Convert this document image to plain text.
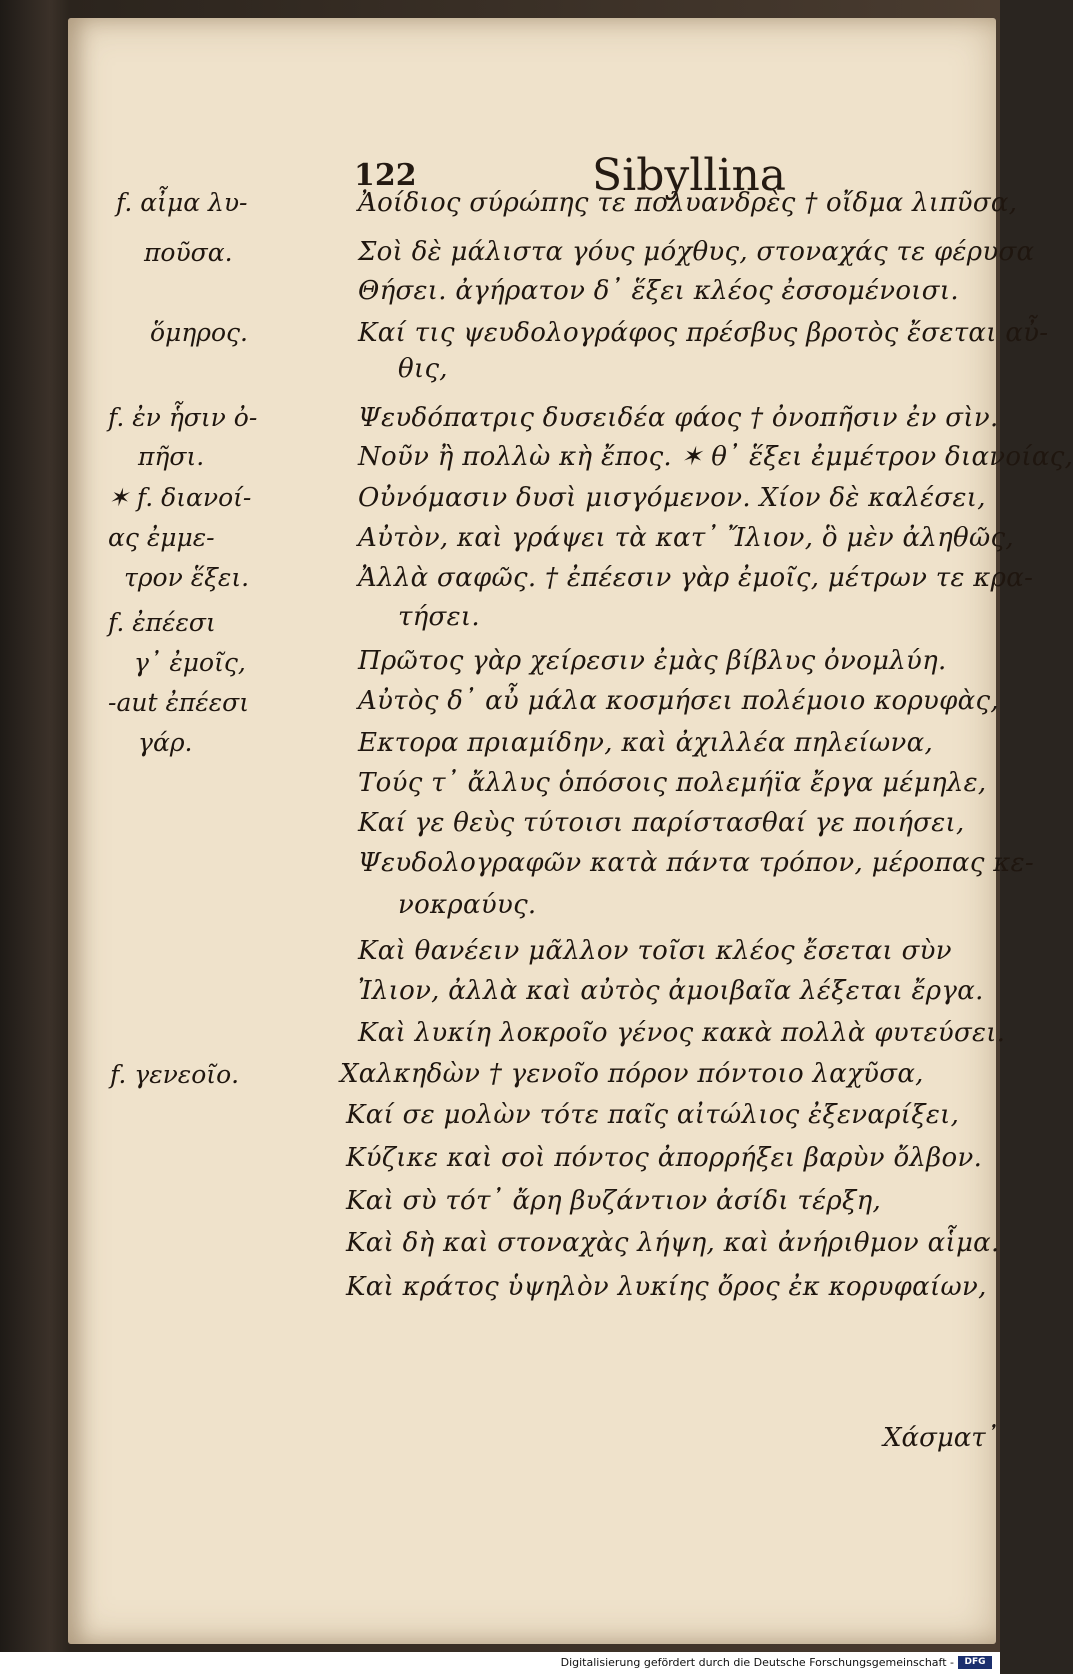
122	Sibyllina
Ἀοίδιος σύρώπης τε πολυανδρὲς † οἴδμα λιπῦσα,
Σοὶ δὲ μάλιστα γόυς μόχθυς, στοναχάς τε φέρυσα
Θήσει. ἀγήρατον δ᾽ ἕξει κλέος ἐσσομένοισι.
Καί τις ψευδολογράφος πρέσβυς βροτὸς ἔσεται αὖ-
θις,
Ψευδόπατρις δυσειδέα φάος † ὀνοπῆσιν ἐν σὶν.
Νοῦν ἢ πολλὼ κὴ ἔπος. ✶ θ᾽ ἕξει ἐμμέτρον διανοίας,
Οὐνόμασιν δυσὶ μισγόμενον. Χίον δὲ καλέσει,
Αὐτὸν, καὶ γράψει τὰ κατ᾽ Ἴλιον, ὃ μὲν ἀληθῶς,
Ἀλλὰ σαφῶς. † ἐπέεσιν γὰρ ἐμοῖς, μέτρων τε κρα-
τήσει.
Πρῶτος γὰρ χείρεσιν ἐμὰς βίβλυς ὀνομλύη.
Αὐτὸς δ᾽ αὖ μάλα κοσμήσει πολέμοιο κορυφὰς,
Εκτορα πριαμίδην, καὶ ἀχιλλέα πηλείωνα,
Τούς τ᾽ ἄλλυς ὁπόσοις πολεμήϊα ἔργα μέμηλε,
Καί γε θεὺς τύτοισι παρίστασθαί γε ποιήσει,
Ψευδολογραφῶν κατὰ πάντα τρόπον, μέροπας κε-
νοκραύυς.
Καὶ θανέειν μᾶλλον τοῖσι κλέος ἔσεται σὺν
Ἰλιον, ἀλλὰ καὶ αὐτὸς ἀμοιβαῖα λέξεται ἔργα.
Καὶ λυκίη λοκροῖο γένος κακὰ πολλὰ φυτεύσει.
Χαλκηδὼν † γενοῖο πόρον πόντοιο λαχῦσα,
Καί σε μολὼν τότε παῖς αἰτώλιος ἐξεναρίξει,
Κύζικε καὶ σοὶ πόντος ἀπορρήξει βαρὺν ὄλβον.
Καὶ σὺ τότ᾽ ἄρη βυζάντιον ἀσίδι τέρξη,
Καὶ δὴ καὶ στοναχὰς λήψη, καὶ ἀνήριθμον αἷμα.
Καὶ κράτος ὑψηλὸν λυκίης ὄρος ἐκ κορυφαίων,
f. αἶμα λυ-
ποῦσα.
ὅμηρος.
f. ἐν ἧσιν ὀ-
πῆσι.
✶ f. διανοί-
ας ἐμμε-
τρον ἕξει.
f. ἐπέεσι
γ᾽ ἐμοῖς,
-aut ἐπέεσι
γάρ.
f. γενεοῖο.
Χάσματ᾽
Digitalisierung gefördert durch die Deutsche Forschungsgemeinschaft -	DFG
